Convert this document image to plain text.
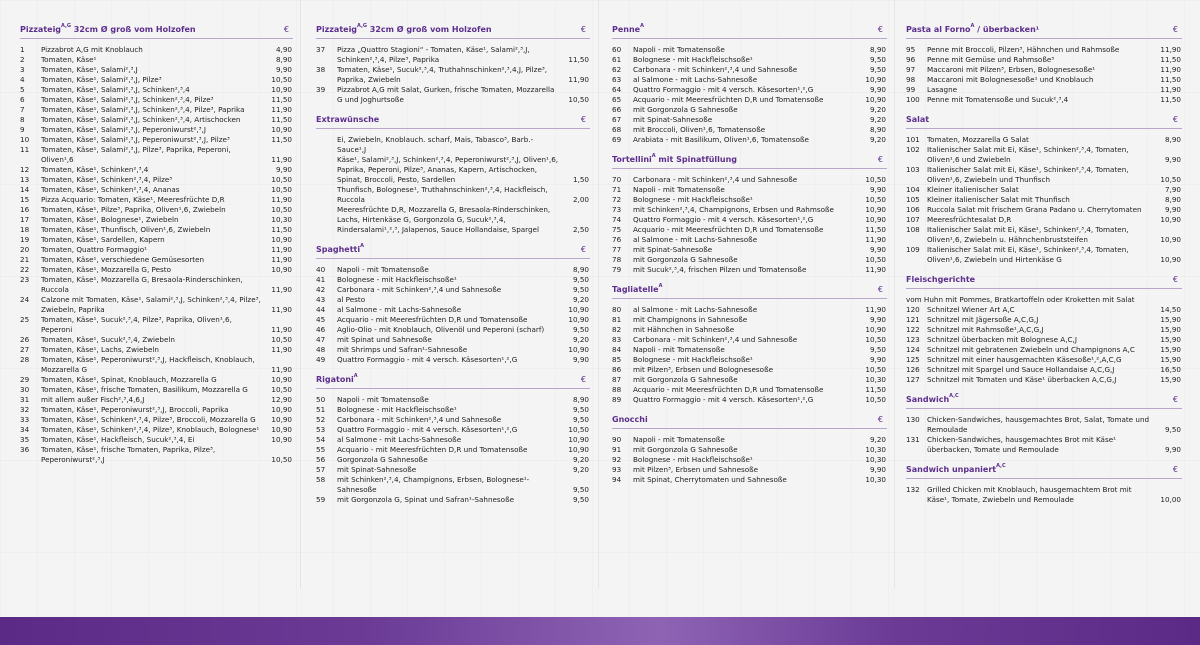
Pizzateig$^{A,G}$ 32cm Ø groß vom Holzofen	€
1 Pizzabrot A,G mit Knoblauch	4,90
2 Tomaten, Käse¹	8,90
3 Tomaten, Käse¹, Salami²,³,J	9,90
4 Tomaten, Käse¹, Salami²,³,J, Pilze³	10,50
5 Tomaten, Käse¹, Salami²,³,J, Schinken²,³,4	10,90
6 Tomaten, Käse¹, Salami²,³,J, Schinken²,³,4, Pilze³	11,50
7 Tomaten, Käse¹, Salami²,³,J, Schinken²,³,4, Pilze³, Paprika	11,90
8 Tomaten, Käse¹, Salami²,³,J, Schinken²,³,4, Artischocken	11,50
9 Tomaten, Käse¹, Salami²,³,J, Peperoniwurst²,³,J	10,90
10 Tomaten, Käse¹, Salami²,³,J, Peperoniwurst²,³,J, Pilze³	11,50
11 Tomaten, Käse¹, Salami²,³,J, Pilze³, Paprika, Peperoni, Oliven¹,6	11,90
12 Tomaten, Käse¹, Schinken²,³,4	9,90
13 Tomaten, Käse¹, Schinken²,³,4, Pilze³	10,50
14 Tomaten, Käse¹, Schinken²,³,4, Ananas	10,50
15 Pizza Acquario: Tomaten, Käse¹, Meeresfrüchte D,R	11,90
16 Tomaten, Käse¹, Pilze³, Paprika, Oliven¹,6, Zwiebeln	10,50
17 Tomaten, Käse¹, Bolognese¹, Zwiebeln	10,30
18 Tomaten, Käse¹, Thunfisch, Oliven¹,6, Zwiebeln	11,50
19 Tomaten, Käse¹, Sardellen, Kapern	10,90
20 Tomaten, Quattro Formaggio¹	11,90
21 Tomaten, Käse¹, verschiedene Gemüsesorten	11,90
22 Tomaten, Käse¹, Mozzarella G, Pesto	10,90
23 Tomaten, Käse¹, Mozzarella G, Bresaola-Rinderschinken, Ruccola	11,90
24 Calzone mit Tomaten, Käse¹, Salami²,³,J, Schinken²,³,4, Pilze³, Zwiebeln, Paprika	11,90
25 Tomaten, Käse¹, Sucuk²,³,4, Pilze³, Paprika, Oliven¹,6, Peperoni	11,90
26 Tomaten, Käse¹, Sucuk²,³,4, Zwiebeln	10,50
27 Tomaten, Käse¹, Lachs, Zwiebeln	11,90
28 Tomaten, Käse¹, Peperoniwurst²,³,J, Hackfleisch, Knoblauch, Mozzarella G	11,90
29 Tomaten, Käse¹, Spinat, Knoblauch, Mozzarella G	10,90
30 Tomaten, Käse¹, frische Tomaten, Basilikum, Mozzarella G	10,50
31 mit allem außer Fisch²,³,4,6,J	12,90
32 Tomaten, Käse¹, Peperoniwurst²,³,J, Broccoli, Paprika	10,90
33 Tomaten, Käse¹, Schinken²,³,4, Pilze³, Broccoli, Mozzarella G 10,90
34 Tomaten, Käse¹, Schinken²,³,4, Pilze³, Knoblauch, Bolognese¹ 10,90
35 Tomaten, Käse¹, Hackfleisch, Sucuk²,³,4, Ei	10,90
36 Tomaten, Käse¹, frische Tomaten, Paprika, Pilze³, Peperoniwurst²,³,J	10,50
Pizzateig$^{A,G}$ 32cm Ø groß vom Holzofen	€
37 Pizza „Quattro Stagioni“ - Tomaten, Käse¹, Salami²,³,J, Schinken²,³,4, Pilze³, Paprika	11,50
38 Tomaten, Käse¹, Sucuk²,³,4, Truthahnschinken²,³,4,J, Pilze³, Paprika, Zwiebeln	11,90
39 Pizzabrot A,G mit Salat, Gurken, frische Tomaten, Mozzarella G und Joghurtsoße	10,50
Extrawünsche	€
Ei, Zwiebeln, Knoblauch. scharf, Mais, Tabasco³, Barb.-Sauce¹,J
Käse¹, Salami²,³,J, Schinken²,³,4, Peperoniwurst²,³,J, Oliven¹,6, Paprika, Peperoni, Pilze³, Ananas, Kapern, Artischocken, Spinat, Broccoli, Pesto, Sardellen	1,50
Thunfisch, Bolognese¹, Truthahnschinken²,³,4, Hackfleisch, Ruccola	2,00
Meeresfrüchte D,R, Mozzarella G, Bresaola-Rinderschinken, Lachs, Hirtenkäse G, Gorgonzola G, Sucuk²,³,4, Rindersalami¹,²,³, Jalapenos, Sauce Hollandaise, Spargel	2,50
Spaghetti$^A$	€
40 Napoli - mit Tomatensoße	8,90
41 Bolognese - mit Hackfleischsoße¹	9,50
42 Carbonara - mit Schinken²,³,4 und Sahnesoße	9,50
43 al Pesto	9,20
44 al Salmone - mit Lachs-Sahnesoße	10,90
45 Acquario - mit Meeresfrüchten D,R und Tomatensoße	10,90
46 Aglio-Olio - mit Knoblauch, Olivenöl und Peperoni (scharf)	9,50
47 mit Spinat und Sahnesoße	9,20
48 mit Shrimps und Safran¹-Sahnesoße	10,90
49 Quattro Formaggio - mit 4 versch. Käsesorten¹,²,G	9,90
Rigatoni$^A$	€
50 Napoli - mit Tomatensoße	8,90
51 Bolognese - mit Hackfleischsoße¹	9,50
52 Carbonara - mit Schinken²,³,4 und Sahnesoße	9,50
53 Quattro Formaggio - mit 4 versch. Käsesorten¹,²,G	10,50
54 al Salmone - mit Lachs-Sahnesoße	10,90
55 Acquario - mit Meeresfrüchten D,R und Tomatensoße	10,90
56 Gorgonzola G Sahnesoße	9,20
57 mit Spinat-Sahnesoße	9,20
58 mit Schinken²,³,4, Champignons, Erbsen, Bolognese¹-Sahnesoße	9,50
59 mit Gorgonzola G, Spinat und Safran¹-Sahnesoße	9,50
Penne$^A$	€
60 Napoli - mit Tomatensoße	8,90
61 Bolognese - mit Hackfleischsoße¹	9,50
62 Carbonara - mit Schinken²,³,4 und Sahnesoße	9,50
63 al Salmone - mit Lachs-Sahnesoße	10,90
64 Quattro Formaggio - mit 4 versch. Käsesorten¹,²,G	9,90
65 Acquario - mit Meeresfrüchten D,R und Tomatensoße	10,90
66 mit Gorgonzola G Sahnesoße	9,20
67 mit Spinat-Sahnesoße	9,20
68 mit Broccoli, Oliven¹,6, Tomatensoße	8,90
69 Arabiata - mit Basilikum, Oliven¹,6, Tomatensoße	9,20
Tortellini$^A$ mit Spinatfüllung	€
70 Carbonara - mit Schinken²,³,4 und Sahnesoße	10,50
71 Napoli - mit Tomatensoße	9,90
72 Bolognese - mit Hackfleischsoße¹	10,50
73 mit Schinken²,³,4, Champignons, Erbsen und Rahmsoße	10,90
74 Quattro Formaggio - mit 4 versch. Käsesorten¹,²,G	10,90
75 Acquario - mit Meeresfrüchten D,R und Tomatensoße	11,50
76 al Salmone - mit Lachs-Sahnesoße	11,90
77 mit Spinat-Sahnesoße	9,90
78 mit Gorgonzola G Sahnesoße	10,50
79 mit Sucuk²,³,4, frischen Pilzen und Tomatensoße	11,90
Tagliatelle$^A$	€
80 al Salmone - mit Lachs-Sahnesoße	11,90
81 mit Champignons in Sahnesoße	9,90
82 mit Hähnchen in Sahnesoße	10,90
83 Carbonara - mit Schinken²,³,4 und Sahnesoße	10,50
84 Napoli - mit Tomatensoße	9,50
85 Bolognese - mit Hackfleischsoße¹	9,90
86 mit Pilzen³, Erbsen und Bolognesesoße	10,50
87 mit Gorgonzola G Sahnesoße	10,30
88 Acquario - mit Meeresfrüchten D,R und Tomatensoße	11,50
89 Quattro Formaggio - mit 4 versch. Käsesorten¹,²,G	10,50
Gnocchi	€
90 Napoli - mit Tomatensoße	9,20
91 mit Gorgonzola G Sahnesoße	10,30
92 Bolognese - mit Hackfleischsoße¹	10,30
93 mit Pilzen³, Erbsen und Sahnesoße	9,90
94 mit Spinat, Cherrytomaten und Sahnesoße	10,30
Pasta al Forno$^A$ / überbacken¹	€
95 Penne mit Broccoli, Pilzen³, Hähnchen und Rahmsoße	11,90
96 Penne mit Gemüse und Rahmsoße³	11,50
97 Maccaroni mit Pilzen³, Erbsen, Bolognesesoße¹	11,90
98 Maccaroni mit Bolognesesoße¹ und Knoblauch	11,50
99 Lasagne	11,90
100 Penne mit Tomatensoße und Sucuk²,³,4	11,50
Salat	€
101 Tomaten, Mozzarella G Salat	8,90
102 Italienischer Salat mit Ei, Käse¹, Schinken²,³,4, Tomaten, Oliven¹,6 und Zwiebeln	9,90
103 Italienischer Salat mit Ei, Käse¹, Schinken²,³,4, Tomaten, Oliven¹,6, Zwiebeln und Thunfisch	10,50
104 Kleiner italienischer Salat	7,90
105 Kleiner italienischer Salat mit Thunfisch	8,90
106 Ruccola Salat mit frischem Grana Padano u. Cherrytomaten	9,90
107 Meeresfrüchtesalat D,R	10,90
108 Italienischer Salat mit Ei, Käse¹, Schinken²,³,4, Tomaten, Oliven¹,6, Zwiebeln u. Hähnchenbruststeifen	10,90
109 Italienischer Salat mit Ei, Käse¹, Schinken²,³,4, Tomaten, Oliven¹,6, Zwiebeln und Hirtenkäse G	10,90
Fleischgerichte	€
vom Huhn mit Pommes, Bratkartoffeln oder Kroketten mit Salat
120 Schnitzel Wiener Art A,C	14,50
121 Schnitzel mit Jägersoße A,C,G,J	15,90
122 Schnitzel mit Rahmsoße¹,A,C,G,J	15,90
123 Schnitzel überbacken mit Bolognese A,C,J	15,90
124 Schnitzel mit gebratenen Zwiebeln und Champignons A,C	15,90
125 Schnitzel mit einer hausgemachten Käsesoße¹,²,A,C,G	15,90
126 Schnitzel mit Spargel und Sauce Hollandaise A,C,G,J	16,50
127 Schnitzel mit Tomaten und Käse¹ überbacken A,C,G,J	15,90
Sandwich$^{A,C}$	€
130 Chicken-Sandwiches, hausgemachtes Brot, Salat, Tomate und Remoulade	9,50
131 Chicken-Sandwiches, hausgemachtes Brot mit Käse¹ überbacken, Tomate und Remoulade	9,90
Sandwich unpaniert$^{A,C}$	€
132 Grilled Chicken mit Knoblauch, hausgemachtem Brot mit Käse¹, Tomate, Zwiebeln und Remoulade	10,00
